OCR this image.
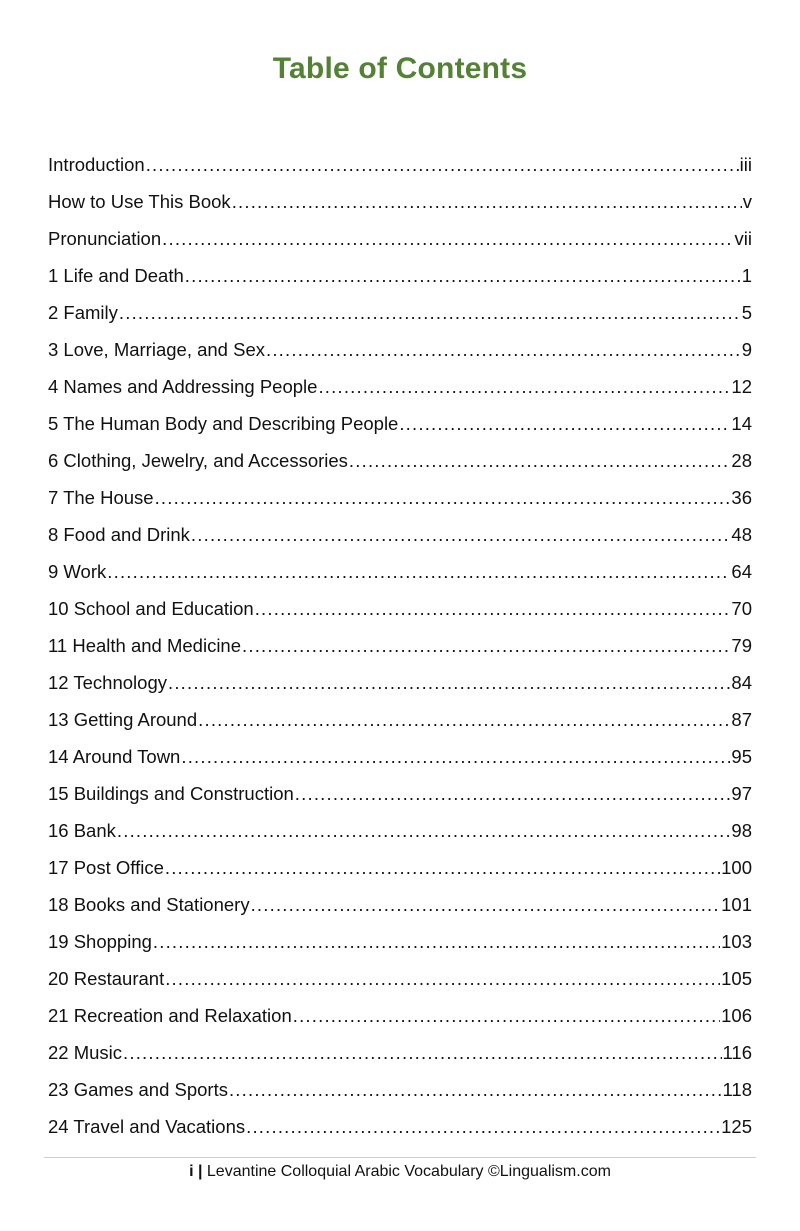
Table of Contents
Introduction .....	iii
How to Use This Book .....	v
Pronunciation .....	vii
1 Life and Death .....	1
2 Family .....	5
3 Love, Marriage, and Sex .....	9
4 Names and Addressing People .....	12
5 The Human Body and Describing People .....	14
6 Clothing, Jewelry, and Accessories .....	28
7 The House .....	36
8 Food and Drink .....	48
9 Work .....	64
10 School and Education .....	70
11 Health and Medicine .....	79
12 Technology .....	84
13 Getting Around .....	87
14 Around Town .....	95
15 Buildings and Construction .....	97
16 Bank .....	98
17 Post Office .....	100
18 Books and Stationery .....	101
19 Shopping .....	103
20 Restaurant .....	105
21 Recreation and Relaxation .....	106
22 Music .....	116
23 Games and Sports .....	118
24 Travel and Vacations .....	125
i | Levantine Colloquial Arabic Vocabulary ©Lingualism.com
